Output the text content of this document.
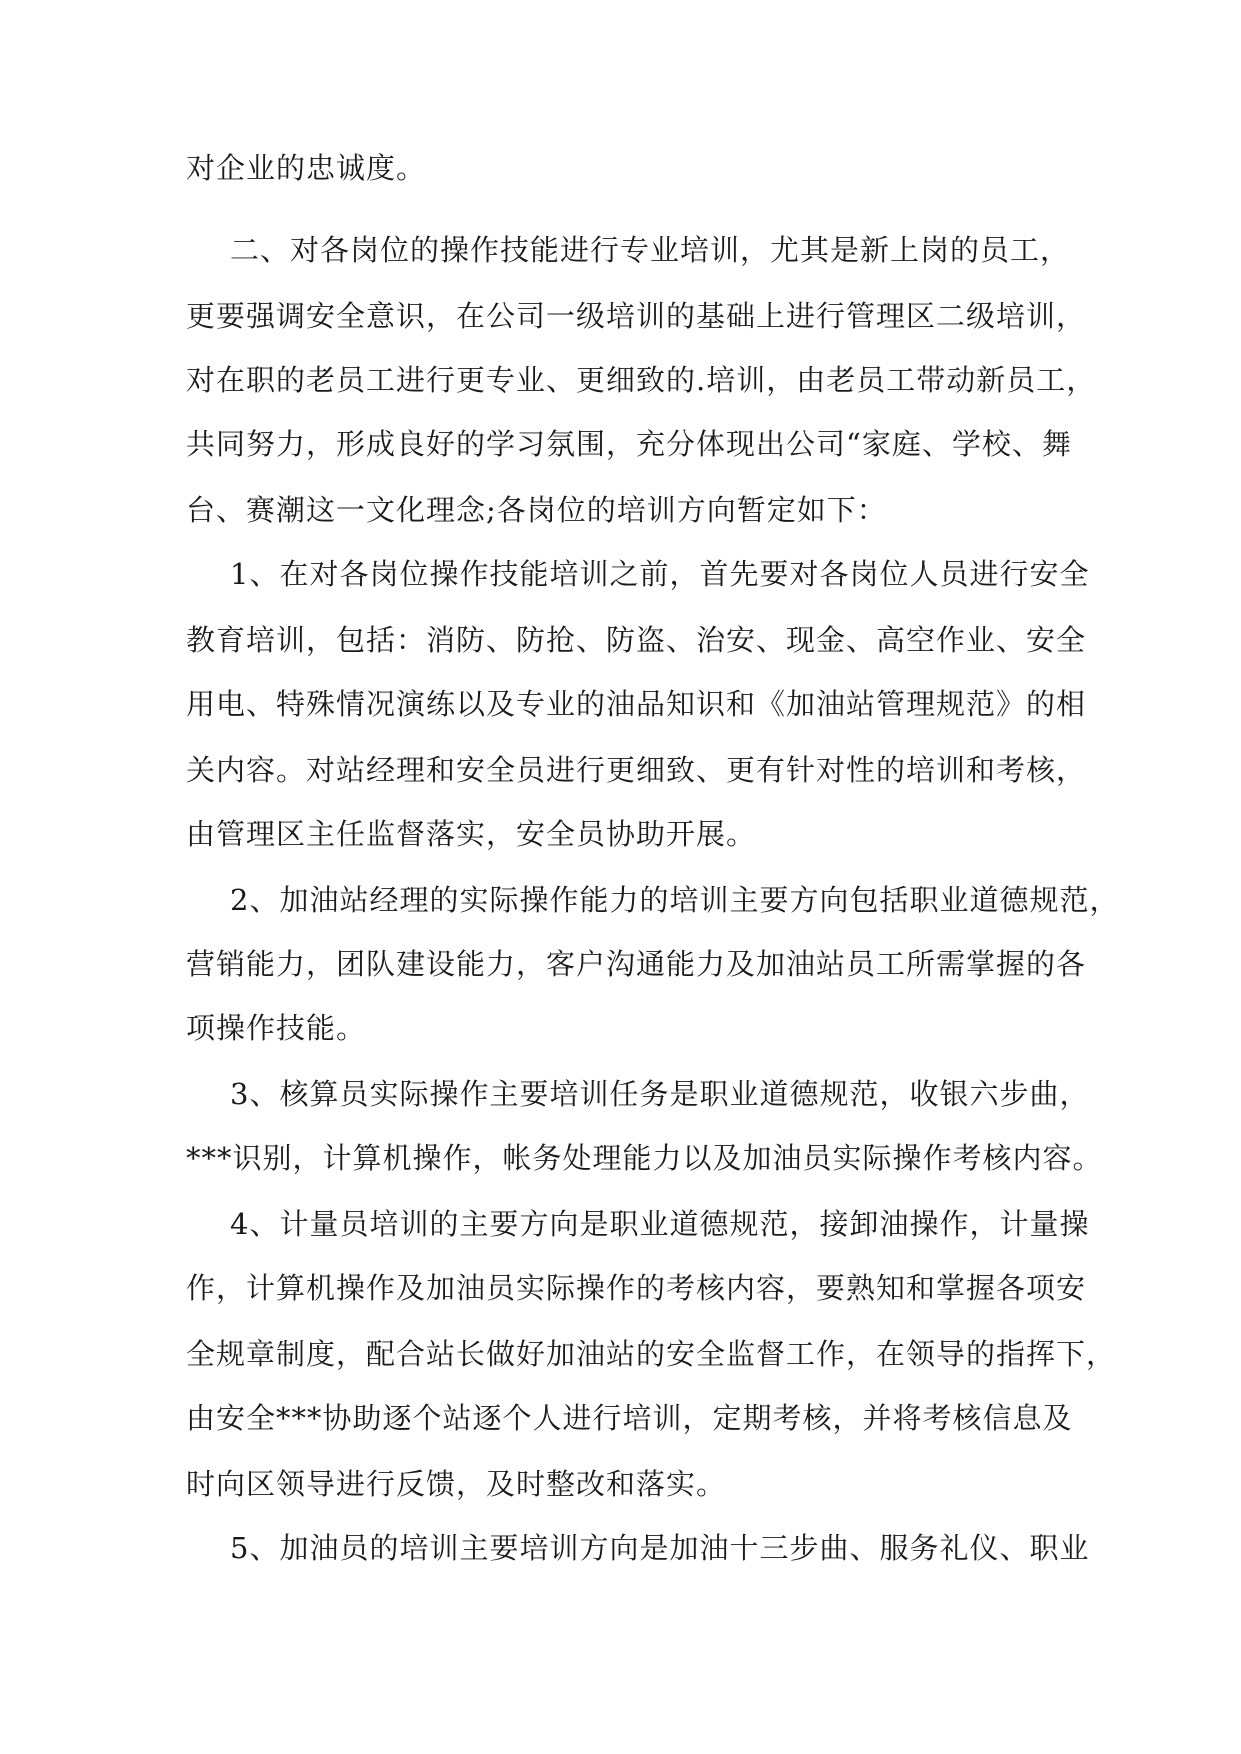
对企业的忠诚度。
二、对各岗位的操作技能进行专业培训，尤其是新上岗的员工，
更要强调安全意识，在公司一级培训的基础上进行管理区二级培训，
对在职的老员工进行更专业、更细致的.培训，由老员工带动新员工，
共同努力，形成良好的学习氛围，充分体现出公司“家庭、学校、舞
台、赛潮这一文化理念;各岗位的培训方向暂定如下：
1、在对各岗位操作技能培训之前，首先要对各岗位人员进行安全
教育培训，包括：消防、防抢、防盗、治安、现金、高空作业、安全
用电、特殊情况演练以及专业的油品知识和《加油站管理规范》的相
关内容。对站经理和安全员进行更细致、更有针对性的培训和考核，
由管理区主任监督落实，安全员协助开展。
2、加油站经理的实际操作能力的培训主要方向包括职业道德规范，
营销能力，团队建设能力，客户沟通能力及加油站员工所需掌握的各
项操作技能。
3、核算员实际操作主要培训任务是职业道德规范，收银六步曲，
***识别，计算机操作，帐务处理能力以及加油员实际操作考核内容。
4、计量员培训的主要方向是职业道德规范，接卸油操作，计量操
作，计算机操作及加油员实际操作的考核内容，要熟知和掌握各项安
全规章制度，配合站长做好加油站的安全监督工作，在领导的指挥下，
由安全***协助逐个站逐个人进行培训，定期考核，并将考核信息及
时向区领导进行反馈，及时整改和落实。
5、加油员的培训主要培训方向是加油十三步曲、服务礼仪、职业
